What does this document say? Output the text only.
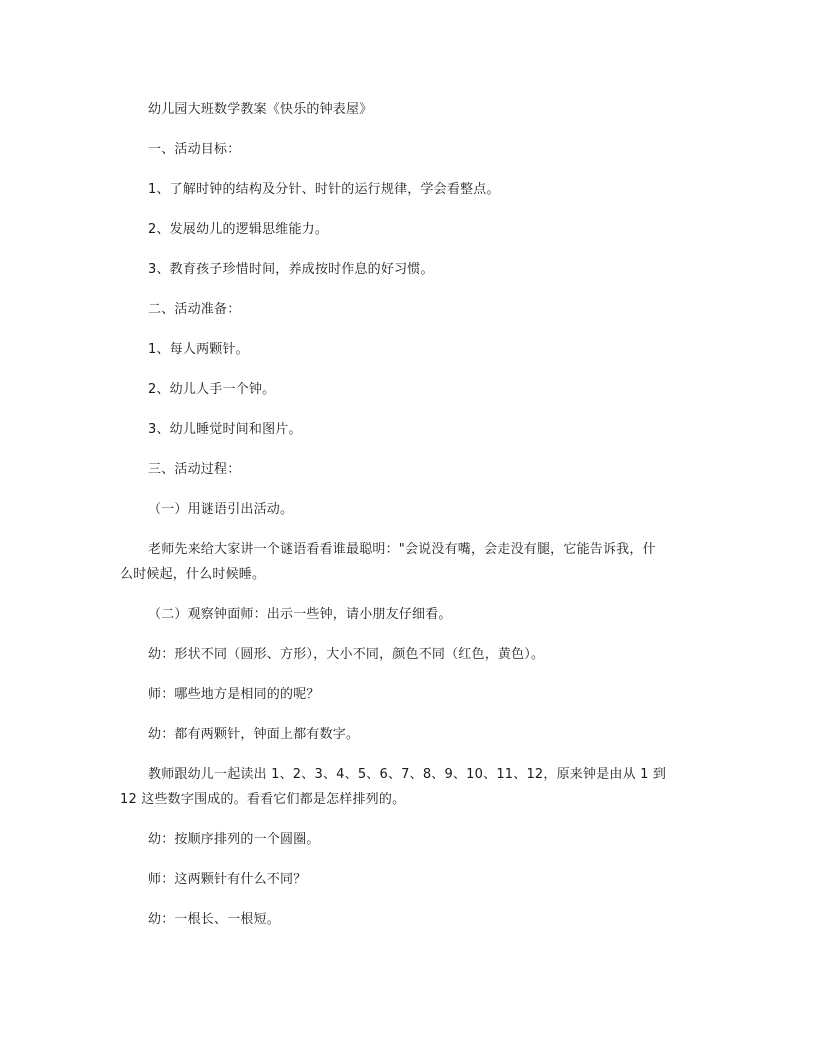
幼儿园大班数学教案《快乐的钟表屋》
一、活动目标：
1、了解时钟的结构及分针、时针的运行规律，学会看整点。
2、发展幼儿的逻辑思维能力。
3、教育孩子珍惜时间，养成按时作息的好习惯。
二、活动准备：
1、每人两颗针。
2、幼儿人手一个钟。
3、幼儿睡觉时间和图片。
三、活动过程：
（一）用谜语引出活动。
老师先来给大家讲一个谜语看看谁最聪明："会说没有嘴，会走没有腿，它能告诉我，什
么时候起，什么时候睡。
（二）观察钟面师：出示一些钟，请小朋友仔细看。
幼：形状不同（圆形、方形），大小不同，颜色不同（红色，黄色）。
师：哪些地方是相同的的呢？
幼：都有两颗针，钟面上都有数字。
教师跟幼儿一起读出 1、2、3、4、5、6、7、8、9、10、11、12，原来钟是由从 1 到
12 这些数字围成的。看看它们都是怎样排列的。
幼：按顺序排列的一个圆圈。
师：这两颗针有什么不同？
幼：一根长、一根短。
